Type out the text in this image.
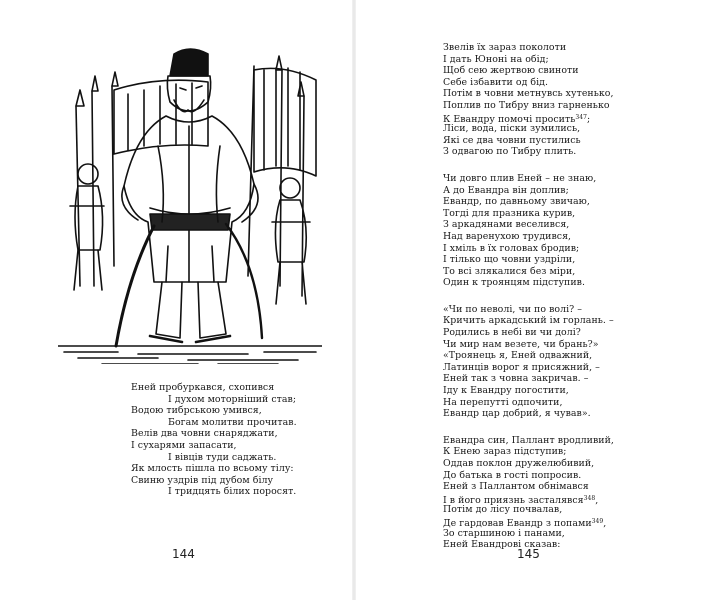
Еней пробуркався, схопився
І духом моторніший став;
Водою тибрською умився,
Богам молитви прочитав.
Велів два човни снаряджати,
І сухарями запасати,
І вівців туди саджать.
Як млость пішла по всьому тілу:
Свиню уздрів під дубом білу
І тридцять білих поросят.
144
Звелів їх зараз поколоти
І дать Юноні на обід;
Щоб сею жертвою свиноти
Себе ізбавити од бід.
Потім в човни метнувсь хутенько,
Поплив по Тибру вниз гарненько
К Евандру помочі просить$^{347}$;
Ліси, вода, піски зумились,
Які се два човни пустились
З одвагою по Тибру плить.
Чи довго плив Еней – не знаю,
А до Евандра він доплив;
Евандр, по давньому звичаю,
Тогді для празника курив,
З аркадянами веселився,
Над варенухою трудився,
І хміль в їх головах бродив;
І тілько що човни уздріли,
То всі злякалися без міри,
Один к троянцям підступив.
«Чи по неволі, чи по волі? –
Кричить аркадський ім горлань. –
Родились в небі ви чи долі?
Чи мир нам везете, чи брань?»
«Троянець я, Еней одважний,
Латинців ворог я присяжний, –
Еней так з човна закричав. –
Іду к Евандру погостити,
На перепутті одпочити,
Евандр цар добрий, я чував».
Евандра син, Паллант вродливий,
К Енею зараз підступив;
Оддав поклон дружелюбивий,
До батька в гості попросив.
Еней з Паллантом обнімався
І в його приязнь засталявся$^{348}$,
Потім до лісу почвалав,
Де гардовав Евандр з попами$^{349}$,
Зо старшиною і панами,
Еней Евандрові сказав:
145
